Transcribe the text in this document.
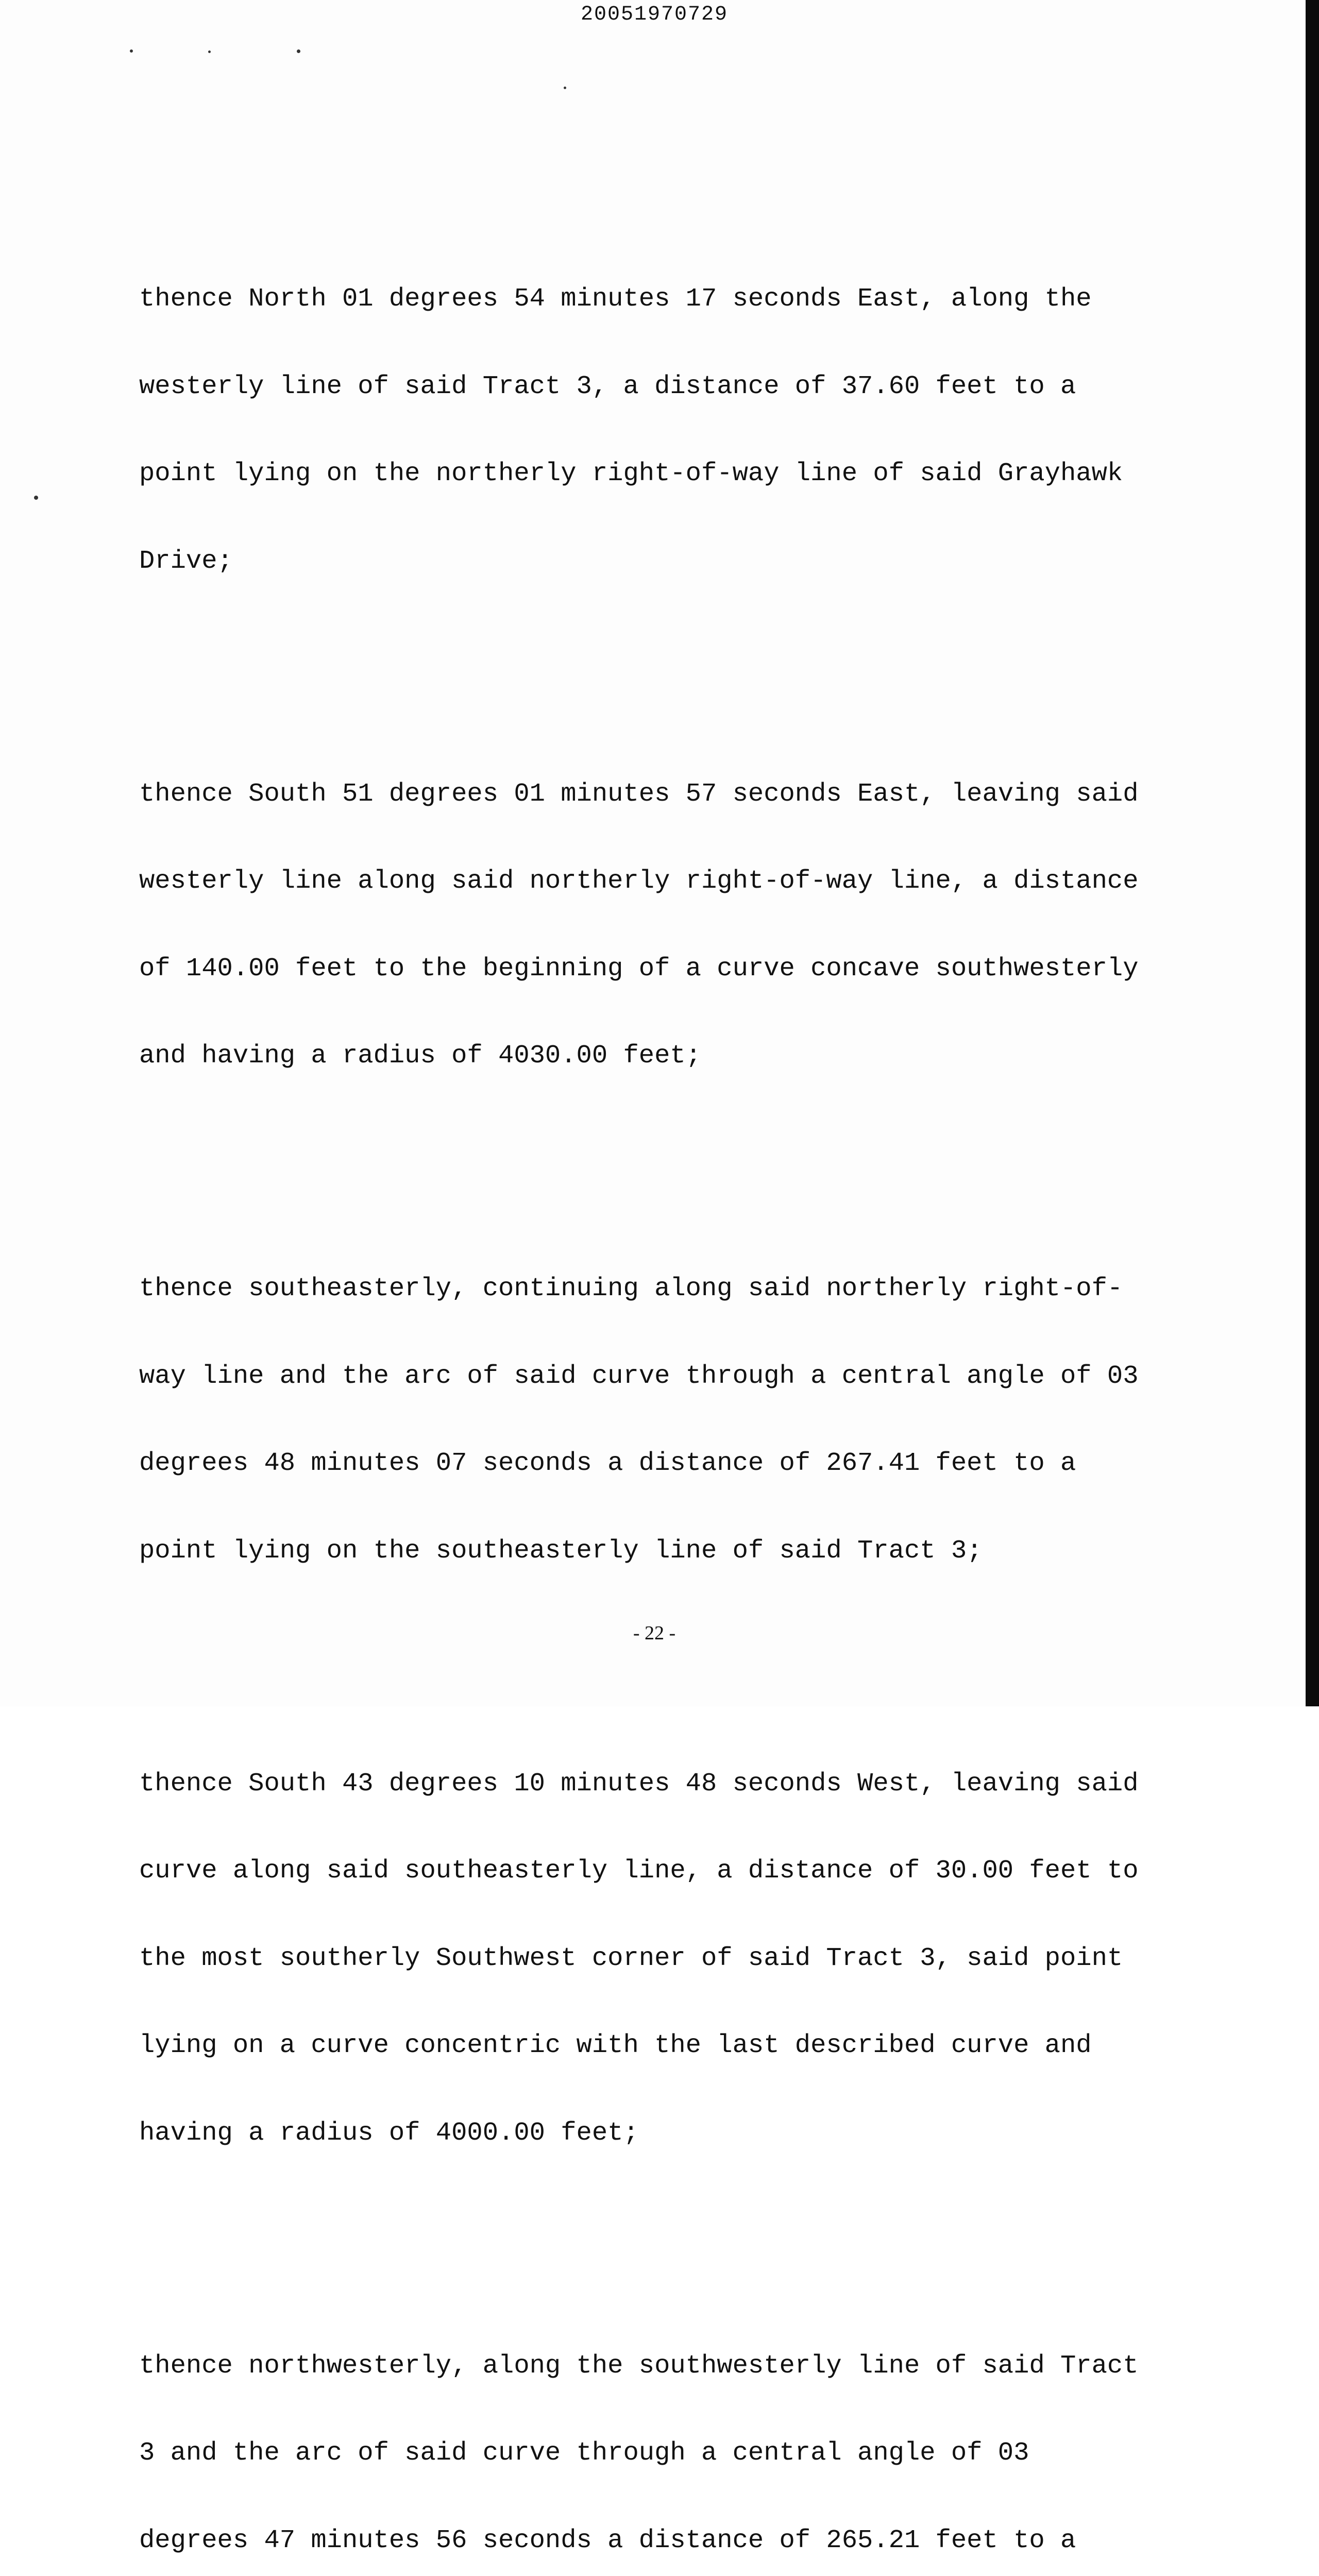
20051970729

thence North 01 degrees 54 minutes 17 seconds East, along the

westerly line of said Tract 3, a distance of 37.60 feet to a

point lying on the northerly right-of-way line of said Grayhawk

Drive;

thence South 51 degrees 01 minutes 57 seconds East, leaving said

westerly line along said northerly right-of-way line, a distance

of 140.00 feet to the beginning of a curve concave southwesterly

and having a radius of 4030.00 feet;

thence southeasterly, continuing along said northerly right-of-

way line and the arc of said curve through a central angle of 03

degrees 48 minutes 07 seconds a distance of 267.41 feet to a

point lying on the southeasterly line of said Tract 3;

thence South 43 degrees 10 minutes 48 seconds West, leaving said

curve along said southeasterly line, a distance of 30.00 feet to

the most southerly Southwest corner of said Tract 3, said point

lying on a curve concentric with the last described curve and

having a radius of 4000.00 feet;

thence northwesterly, along the southwesterly line of said Tract

3 and the arc of said curve through a central angle of 03

degrees 47 minutes 56 seconds a distance of 265.21 feet to a

- 22 -
